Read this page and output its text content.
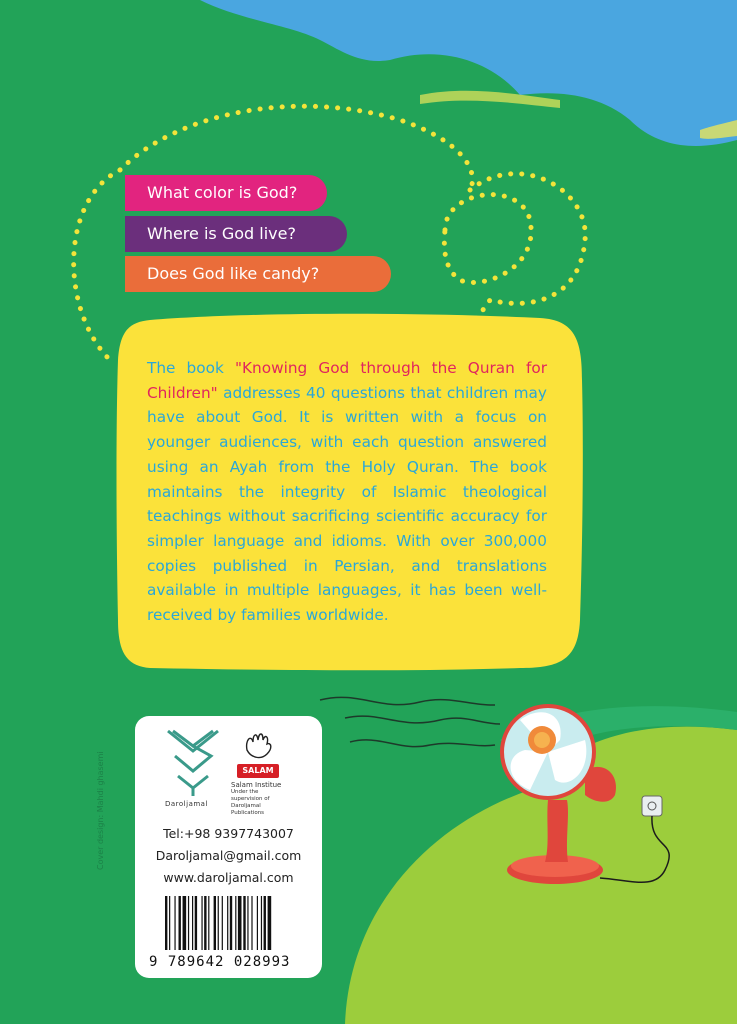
What color is God?
Where is God live?
Does God like candy?
The book "Knowing God through the Quran for Children" addresses 40 questions that children may have about God. It is written with a focus on younger audiences, with each question answered using an Ayah from the Holy Quran. The book maintains the integrity of Islamic theological teachings without sacrificing scientific accuracy for simpler language and idioms. With over 300,000 copies published in Persian, and translations available in multiple languages, it has been well-received by families worldwide.
Daroljamal
SALAM
Salam Institue
Under the supervision of Daroljamal Publications
Tel:+98 9397743007
Daroljamal@gmail.com
www.daroljamal.com
9 789642 028993
Cover design: Mahdi ghasemi
